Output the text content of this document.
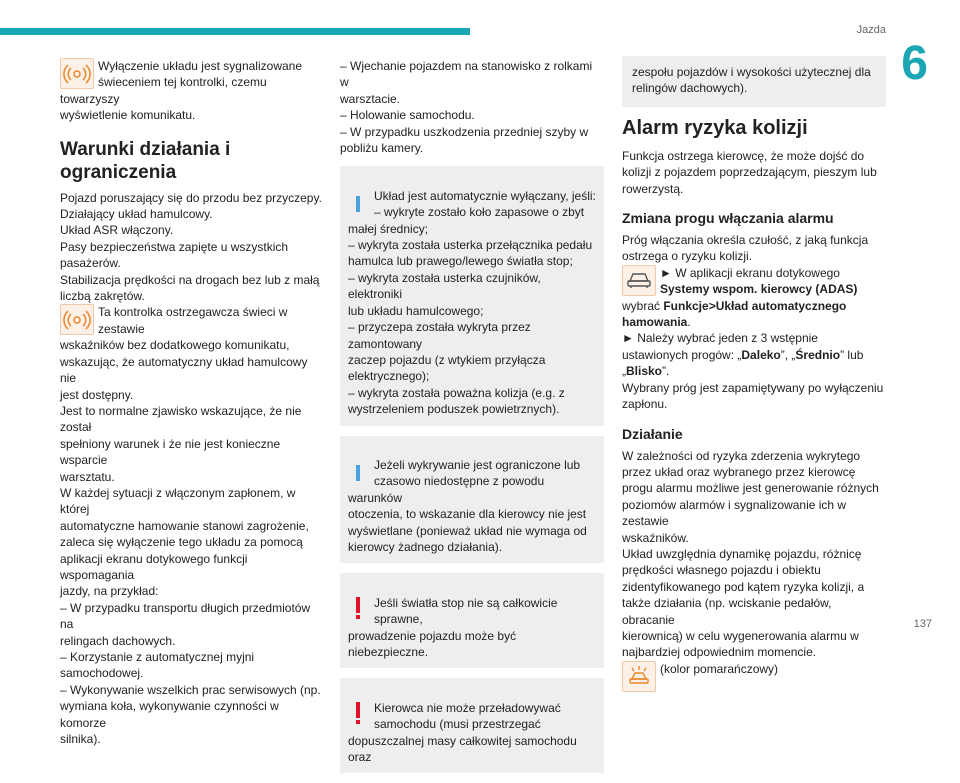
Jazda
6
137
Wyłączenie układu jest sygnalizowane
świeceniem tej kontrolki, czemu towarzyszy
wyświetlenie komunikatu.
Warunki działania i ograniczenia
Pojazd poruszający się do przodu bez przyczepy.
Działający układ hamulcowy.
Układ ASR włączony.
Pasy bezpieczeństwa zapięte u wszystkich
pasażerów.
Stabilizacja prędkości na drogach bez lub z małą
liczbą zakrętów.
Ta kontrolka ostrzegawcza świeci w zestawie
wskaźników bez dodatkowego komunikatu,
wskazując, że automatyczny układ hamulcowy nie
jest dostępny.
Jest to normalne zjawisko wskazujące, że nie został
spełniony warunek i że nie jest konieczne wsparcie
warsztatu.
W każdej sytuacji z włączonym zapłonem, w której
automatyczne hamowanie stanowi zagrożenie,
zaleca się wyłączenie tego układu za pomocą
aplikacji ekranu dotykowego funkcji wspomagania
jazdy, na przykład:
– W przypadku transportu długich przedmiotów na
relingach dachowych.
– Korzystanie z automatycznej myjni
samochodowej.
– Wykonywanie wszelkich prac serwisowych (np.
wymiana koła, wykonywanie czynności w komorze
silnika).
– Wjechanie pojazdem na stanowisko z rolkami w
warsztacie.
– Holowanie samochodu.
– W przypadku uszkodzenia przedniej szyby w
pobliżu kamery.

Układ jest automatycznie wyłączany, jeśli:
– wykryte zostało koło zapasowe o zbyt
małej średnicy;
– wykryta została usterka przełącznika pedału
hamulca lub prawego/lewego światła stop;
– wykryta została usterka czujników, elektroniki
lub układu hamulcowego;
– przyczepa została wykryta przez zamontowany
zaczep pojazdu (z wtykiem przyłącza
elektrycznego);
– wykryta została poważna kolizja (e.g. z
wystrzeleniem poduszek powietrznych).

Jeżeli wykrywanie jest ograniczone lub
czasowo niedostępne z powodu warunków
otoczenia, to wskazanie dla kierowcy nie jest
wyświetlane (ponieważ układ nie wymaga od
kierowcy żadnego działania).

Jeśli światła stop nie są całkowicie sprawne,
prowadzenie pojazdu może być
niebezpieczne.

Kierowca nie może przeładowywać
samochodu (musi przestrzegać
dopuszczalnej masy całkowitej samochodu oraz

zespołu pojazdów i wysokości użytecznej dla
relingów dachowych).
Alarm ryzyka kolizji
Funkcja ostrzega kierowcę, że może dojść do
kolizji z pojazdem poprzedzającym, pieszym lub
rowerzystą.
Zmiana progu włączania alarmu
Próg włączania określa czułość, z jaką funkcja
ostrzega o ryzyku kolizji.
► W aplikacji ekranu dotykowego Systemy wspom. kierowcy (ADAS) wybrać Funkcje>Układ automatycznego hamowania.
► Należy wybrać jeden z 3 wstępnie ustawionych progów: „Daleko”, „Średnio” lub „Blisko”.
Wybrany próg jest zapamiętywany po wyłączeniu
zapłonu.
Działanie
W zależności od ryzyka zderzenia wykrytego
przez układ oraz wybranego przez kierowcę
progu alarmu możliwe jest generowanie różnych
poziomów alarmów i sygnalizowanie ich w zestawie
wskaźników.
Układ uwzględnia dynamikę pojazdu, różnicę
prędkości własnego pojazdu i obiektu
zidentyfikowanego pod kątem ryzyka kolizji, a
także działania (np. wciskanie pedałów, obracanie
kierownicą) w celu wygenerowania alarmu w
najbardziej odpowiednim momencie.
(kolor pomarańczowy)
